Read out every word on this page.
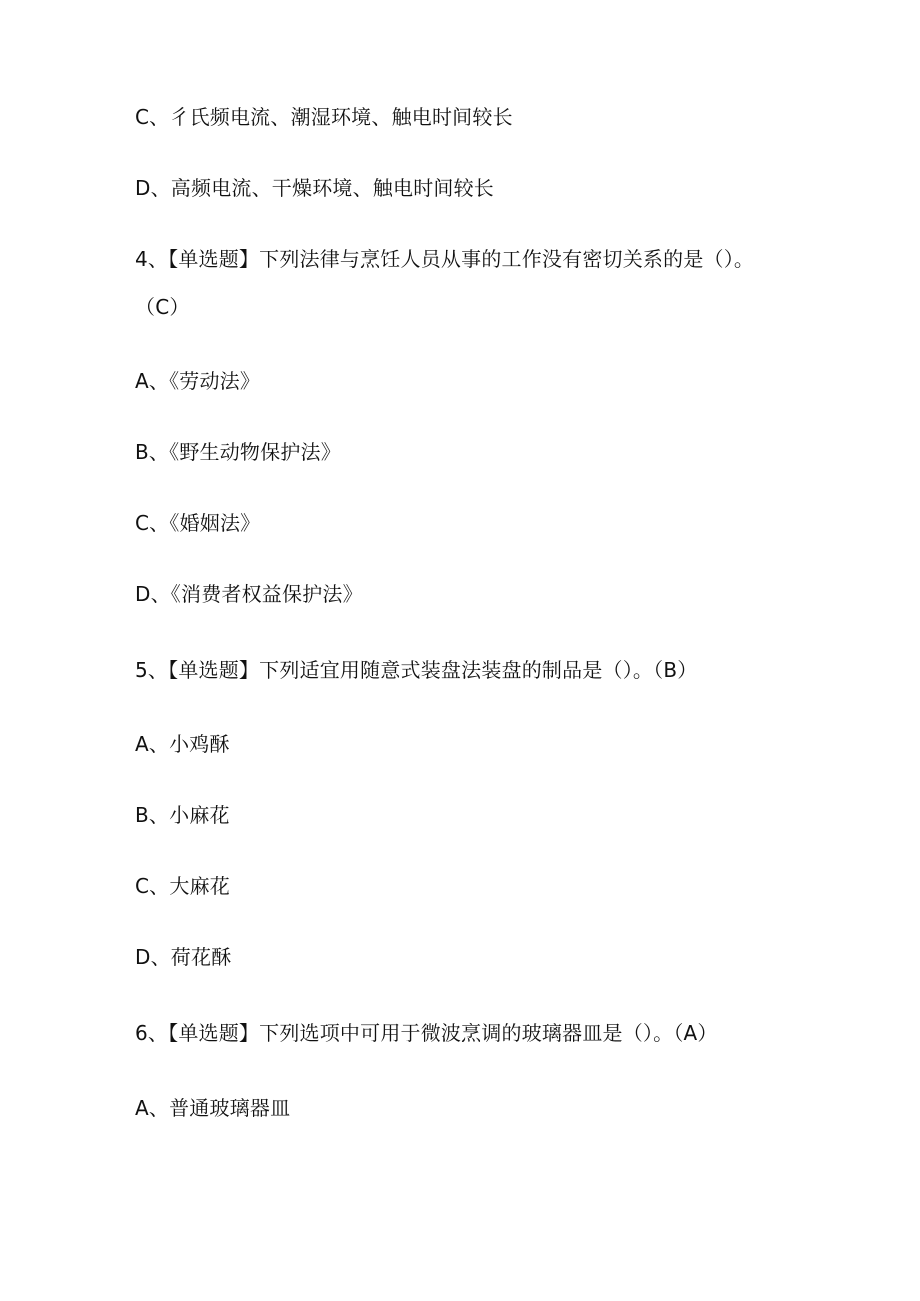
C、彳氏频电流、潮湿环境、触电时间较长
D、高频电流、干燥环境、触电时间较长
4、【单选题】下列法律与烹饪人员从事的工作没有密切关系的是（）。
（C）
A、《劳动法》
B、《野生动物保护法》
C、《婚姻法》
D、《消费者权益保护法》
5、【单选题】下列适宜用随意式装盘法装盘的制品是（）。（B）
A、小鸡酥
B、小麻花
C、大麻花
D、荷花酥
6、【单选题】下列选项中可用于微波烹调的玻璃器皿是（）。（A）
A、普通玻璃器皿
